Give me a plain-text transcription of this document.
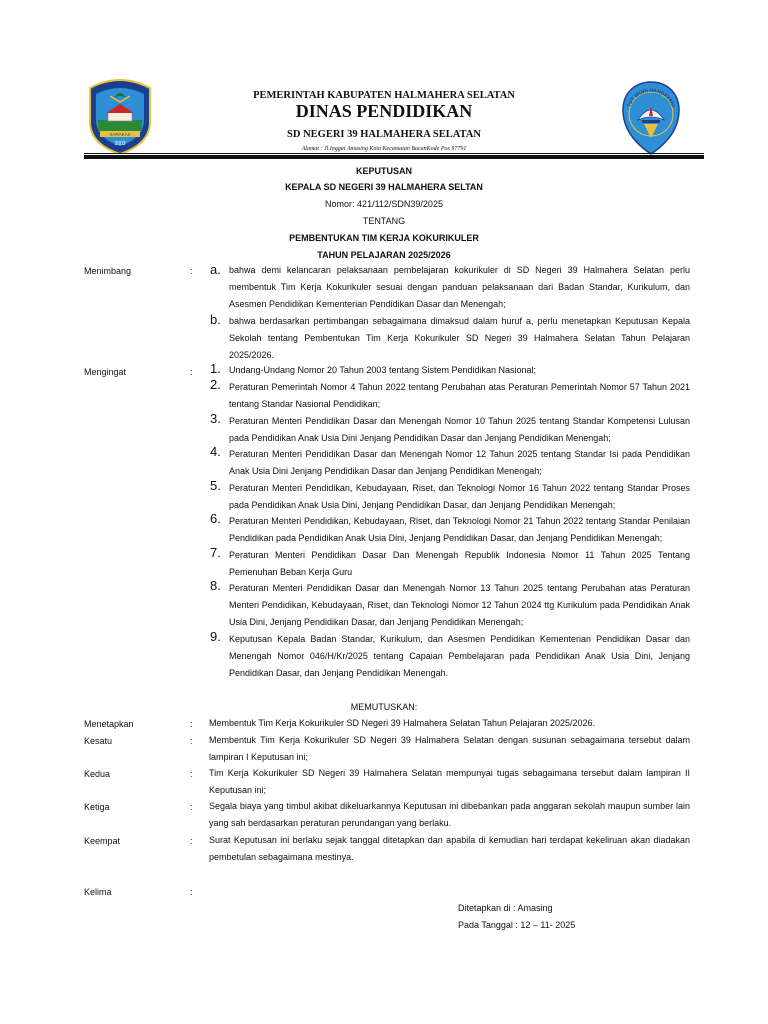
SARAKAS
2003
PEMERINTAH KABUPATEN HALMAHERA SELATAN
DINAS PENDIDIKAN
SD NEGERI 39 HALMAHERA SELATAN
Alamat : Jl.Inggai Amasing Kota Kecamatan BacanKode Pos 97791
TUT WURI HANDAYANI
KEPUTUSAN
KEPALA SD NEGERI 39 HALMAHERA SELTAN
Nomor: 421/112/SDN39/2025
TENTANG
PEMBENTUKAN TIM KERJA KOKURIKULER
TAHUN PELAJARAN 2025/2026
Menimbang	: a. bahwa demi kelancaran pelaksanaan pembelajaran kokurikuler di SD Negeri 39 Halmahera Selatan perlu membentuk Tim Kerja Kokurikuler sesuai dengan panduan pelaksanaan dari Badan Standar, Kurikulum, dan Asesmen Pendidikan Kementerian Pendidikan Dasar dan Menengah;
b. bahwa berdasarkan pertimbangan sebagaimana dimaksud dalam huruf a, perlu menetapkan Keputusan Kepala Sekolah tentang Pembentukan Tim Kerja Kokurikuler SD Negeri 39 Halmahera Selatan Tahun Pelajaran 2025/2026.
Mengingat	: 1. Undang-Undang Nomor 20 Tahun 2003 tentang Sistem Pendidikan Nasional;
2. Peraturan Pemerintah Nomor 4 Tahun 2022 tentang Perubahan atas Peraturan Pemerintah Nomor 57 Tahun 2021 tentang Standar Nasional Pendidikan;
3. Peraturan Menteri Pendidikan Dasar dan Menengah Nomor 10 Tahun 2025 tentang Standar Kompetensi Lulusan pada Pendidikan Anak Usia Dini Jenjang Pendidikan Dasar dan Jenjang Pendidikan Menengah;
4. Peraturan Menteri Pendidikan Dasar dan Menengah Nomor 12 Tahun 2025 tentang Standar Isi pada Pendidikan Anak Usia Dini Jenjang Pendidikan Dasar dan Jenjang Pendidikan Menengah;
5. Peraturan Menteri Pendidikan, Kebudayaan, Riset, dan Teknologi Nomor 16 Tahun 2022 tentang Standar Proses pada Pendidikan Anak Usia Dini, Jenjang Pendidikan Dasar, dan Jenjang Pendidikan Menengah;
6. Peraturan Menteri Pendidikan, Kebudayaan, Riset, dan Teknologi Nomor 21 Tahun 2022 tentang Standar Penilaian Pendidikan pada Pendidikan Anak Usia Dini, Jenjang Pendidikan Dasar, dan Jenjang Pendidikan Menengah;
7. Peraturan Menteri Pendidikan Dasar Dan Menengah Republik Indonesia Nomor 11 Tahun 2025 Tentang Pemenuhan Beban Kerja Guru
8. Peraturan Menteri Pendidikan Dasar dan Menengah Nomor 13 Tahun 2025 tentang Perubahan atas Peraturan Menteri Pendidikan, Kebudayaan, Riset, dan Teknologi Nomor 12 Tahun 2024 ttg Kurikulum pada Pendidikan Anak Usia Dini, Jenjang Pendidikan Dasar, dan Jenjang Pendidikan Menengah;
9. Keputusan Kepala Badan Standar, Kurikulum, dan Asesmen Pendidikan Kementerian Pendidikan Dasar dan Menengah Nomor 046/H/Kr/2025 tentang Capaian Pembelajaran pada Pendidikan Anak Usia Dini, Jenjang Pendidikan Dasar, dan Jenjang Pendidikan Menengah.
MEMUTUSKAN:
Menetapkan	: Membentuk Tim Kerja Kokurikuler SD Negeri 39 Halmahera Selatan Tahun Pelajaran 2025/2026.
Kesatu	: Membentuk Tim Kerja Kokurikuler SD Negeri 39 Halmahera Selatan dengan susunan sebagaimana tersebut dalam lampiran I Keputusan ini;
Kedua	: Tim Kerja Kokurikuler SD Negeri 39 Halmahera Selatan mempunyai tugas sebagaimana tersebut dalam lampiran II Keputusan ini;
Ketiga	: Segala biaya yang timbul akibat dikeluarkannya Keputusan ini dibebankan pada anggaran sekolah maupun sumber lain yang sah berdasarkan peraturan perundangan yang berlaku.
Keempat	: Surat Keputusan ini berlaku sejak tanggal ditetapkan dan apabila di kemudian hari terdapat kekeliruan akan diadakan pembetulan sebagaimana mestinya.
Kelima	:
Ditetapkan di : Amasing
Pada Tanggal : 12 – 11- 2025
